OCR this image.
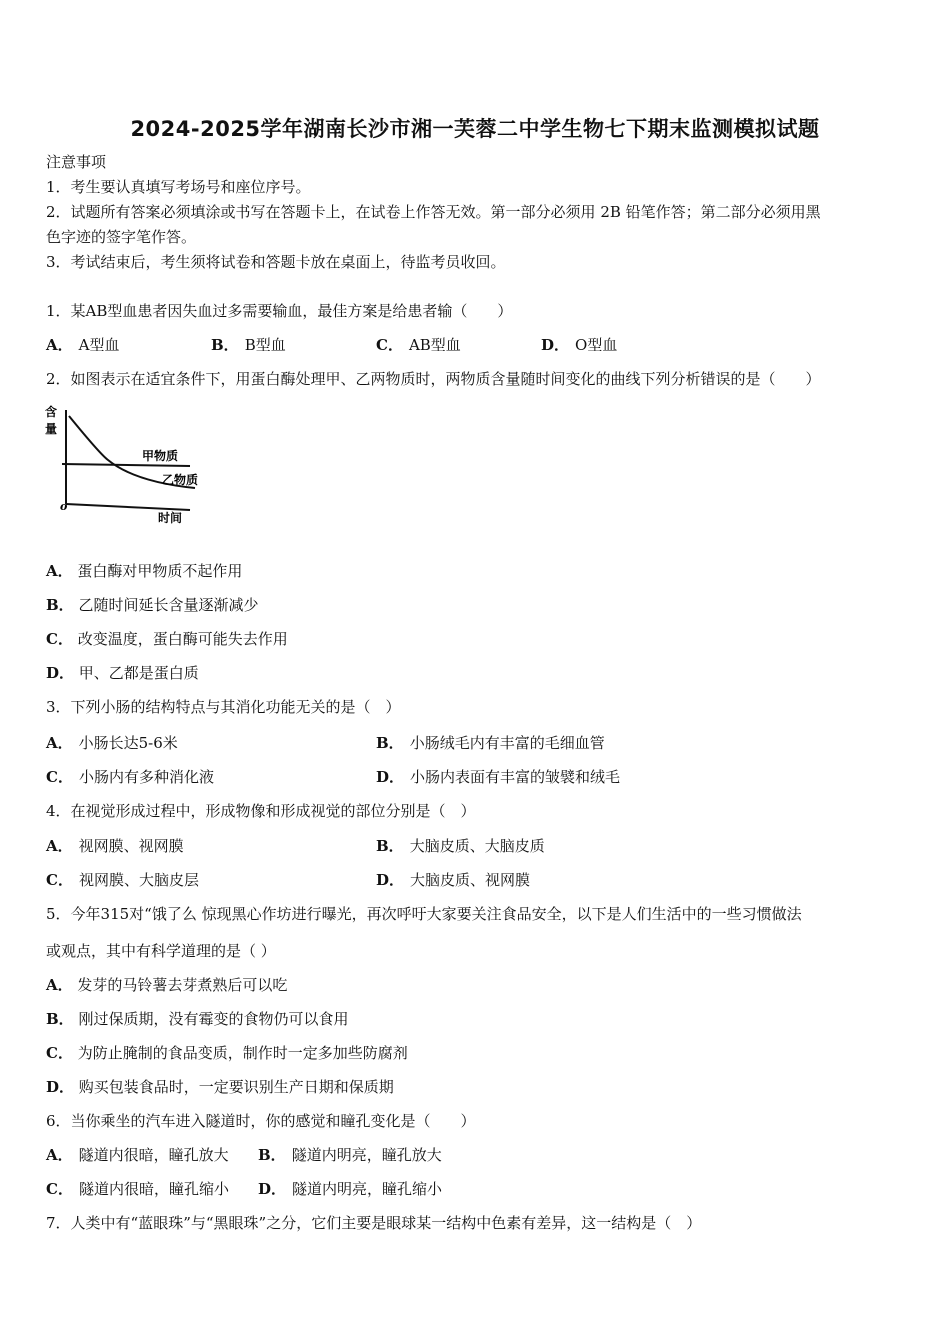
2024-2025学年湖南长沙市湘一芙蓉二中学生物七下期末监测模拟试题
注意事项
1．考生要认真填写考场号和座位序号。
2．试题所有答案必须填涂或书写在答题卡上，在试卷上作答无效。第一部分必须用 2B 铅笔作答；第二部分必须用黑
色字迹的签字笔作答。
3．考试结束后，考生须将试卷和答题卡放在桌面上，待监考员收回。
1．某AB型血患者因失血过多需要输血，最佳方案是给患者输（　　）
A． A型血	B． B型血	C． AB型血	D． O型血
2．如图表示在适宜条件下，用蛋白酶处理甲、乙两物质时，两物质含量随时间变化的曲线下列分析错误的是（　　）
含
量
o
时间
甲物质
乙物质
A． 蛋白酶对甲物质不起作用
B． 乙随时间延长含量逐渐减少
C． 改变温度，蛋白酶可能失去作用
D． 甲、乙都是蛋白质
3．下列小肠的结构特点与其消化功能无关的是（　）
A． 小肠长达5-6米	B． 小肠绒毛内有丰富的毛细血管
C． 小肠内有多种消化液	D． 小肠内表面有丰富的皱襞和绒毛
4．在视觉形成过程中，形成物像和形成视觉的部位分别是（　）
A． 视网膜、视网膜	B． 大脑皮质、大脑皮质
C． 视网膜、大脑皮层	D． 大脑皮质、视网膜
5．今年315对“饿了么 惊现黑心作坊进行曝光，再次呼吁大家要关注食品安全，以下是人们生活中的一些习惯做法
或观点，其中有科学道理的是（ ）
A． 发芽的马铃薯去芽煮熟后可以吃
B． 刚过保质期，没有霉变的食物仍可以食用
C． 为防止腌制的食品变质，制作时一定多加些防腐剂
D． 购买包装食品时，一定要识别生产日期和保质期
6．当你乘坐的汽车进入隧道时，你的感觉和瞳孔变化是（　　）
A． 隧道内很暗，瞳孔放大 B． 隧道内明亮，瞳孔放大
C． 隧道内很暗，瞳孔缩小 D． 隧道内明亮，瞳孔缩小
7．人类中有“蓝眼珠”与“黑眼珠”之分，它们主要是眼球某一结构中色素有差异，这一结构是（　）
